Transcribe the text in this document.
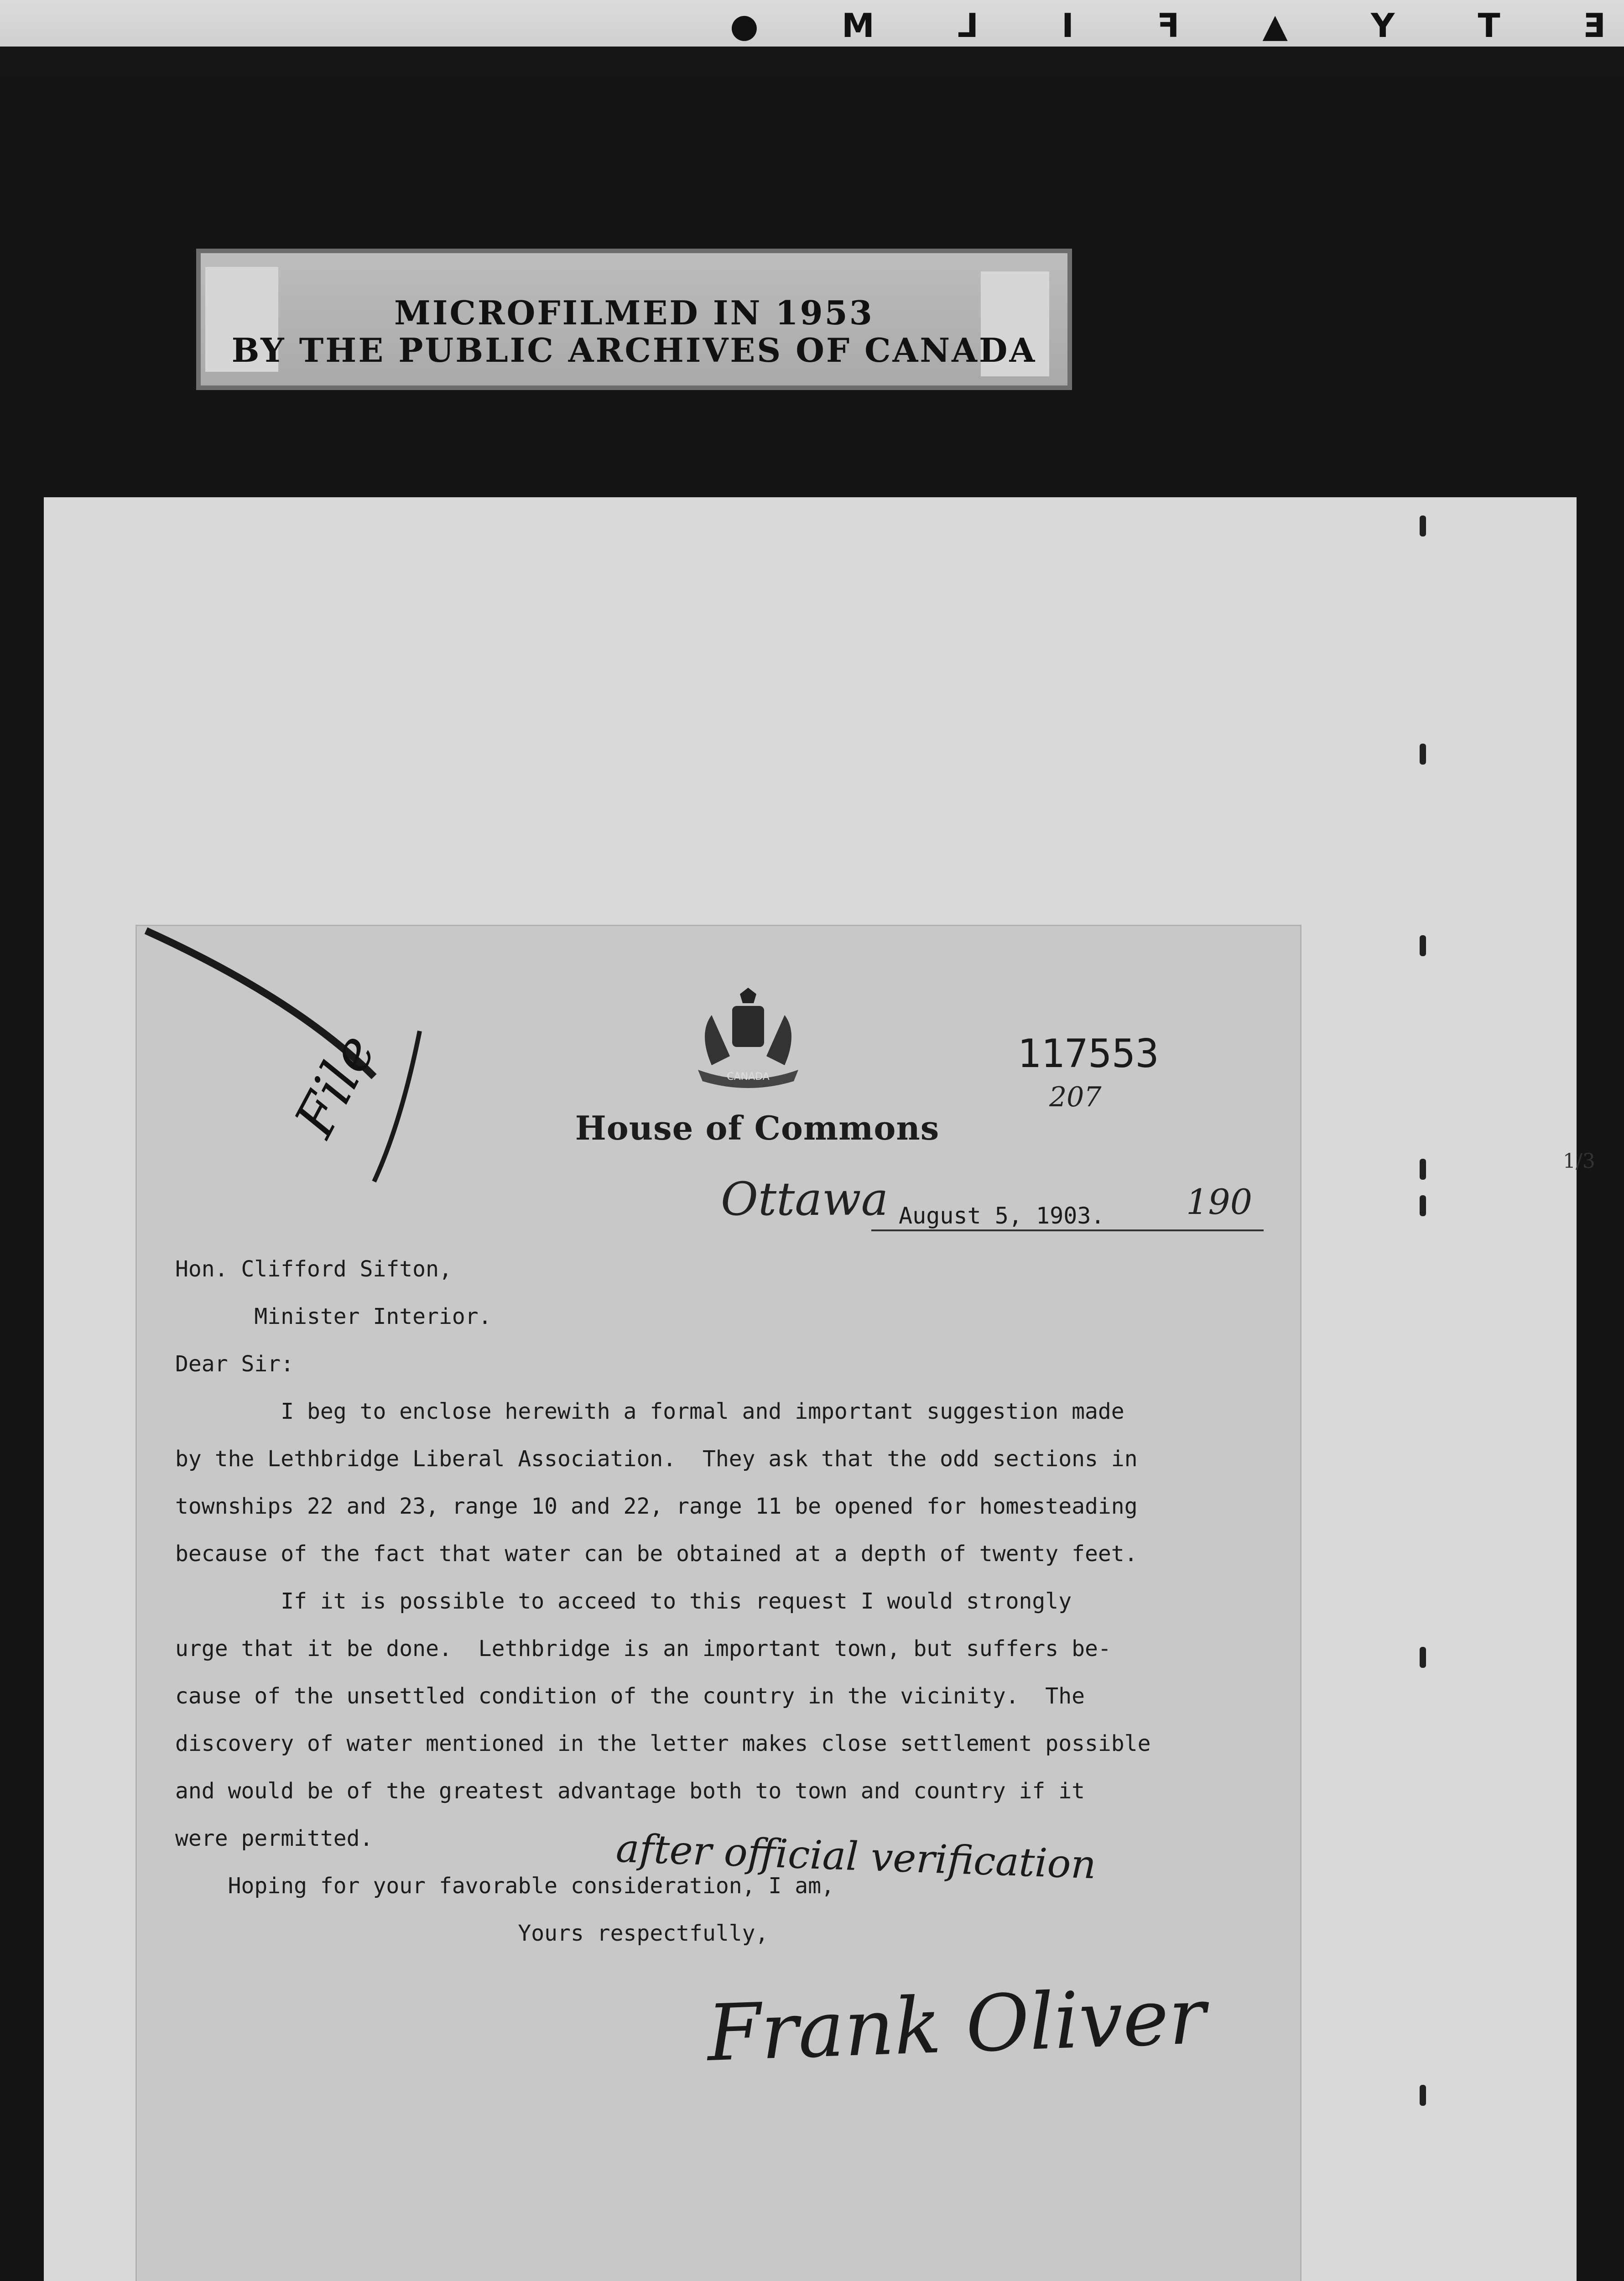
E
T
Y
▲
F
I
L
M
●
MICROFILMED IN 1953
BY THE PUBLIC ARCHIVES OF CANADA
1/3
File	CANADA
117553
207
House of Commons
Ottawa August 5, 1903. 190
Hon. Clifford Sifton,
Minister Interior.
Dear Sir:
I beg to enclose herewith a formal and important suggestion made
by the Lethbridge Liberal Association.  They ask that the odd sections in
townships 22 and 23, range 10 and 22, range 11 be opened for homesteading
because of the fact that water can be obtained at a depth of twenty feet.
If it is possible to acceed to this request I would strongly
urge that it be done.  Lethbridge is an important town, but suffers be-
cause of the unsettled condition of the country in the vicinity.  The
discovery of water mentioned in the letter makes close settlement possible
and would be of the greatest advantage both to town and country if it
were permitted.
Hoping for your favorable consideration, I am,
Yours respectfully,
after official verification
Frank Oliver
